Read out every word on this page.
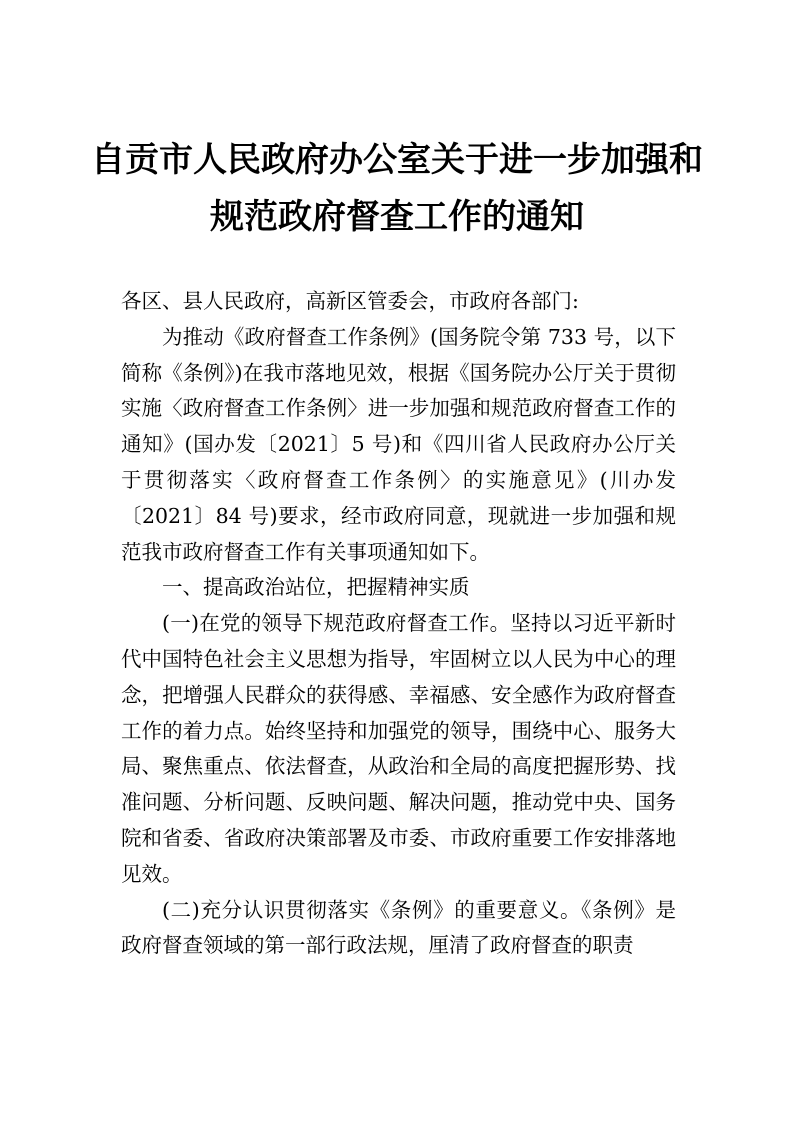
自贡市人民政府办公室关于进一步加强和
规范政府督查工作的通知

各区、县人民政府，高新区管委会，市政府各部门:

为推动《政府督查工作条例》(国务院令第 733 号，以下简称《条例》)在我市落地见效，根据《国务院办公厅关于贯彻实施〈政府督查工作条例〉进一步加强和规范政府督查工作的通知》(国办发〔2021〕5 号)和《四川省人民政府办公厅关于贯彻落实〈政府督查工作条例〉的实施意见》(川办发〔2021〕84 号)要求，经市政府同意，现就进一步加强和规范我市政府督查工作有关事项通知如下。

一、提高政治站位，把握精神实质

(一)在党的领导下规范政府督查工作。坚持以习近平新时代中国特色社会主义思想为指导，牢固树立以人民为中心的理念，把增强人民群众的获得感、幸福感、安全感作为政府督查工作的着力点。始终坚持和加强党的领导，围绕中心、服务大局、聚焦重点、依法督查，从政治和全局的高度把握形势、找准问题、分析问题、反映问题、解决问题，推动党中央、国务院和省委、省政府决策部署及市委、市政府重要工作安排落地见效。

(二)充分认识贯彻落实《条例》的重要意义。《条例》是政府督查领域的第一部行政法规，厘清了政府督查的职责
